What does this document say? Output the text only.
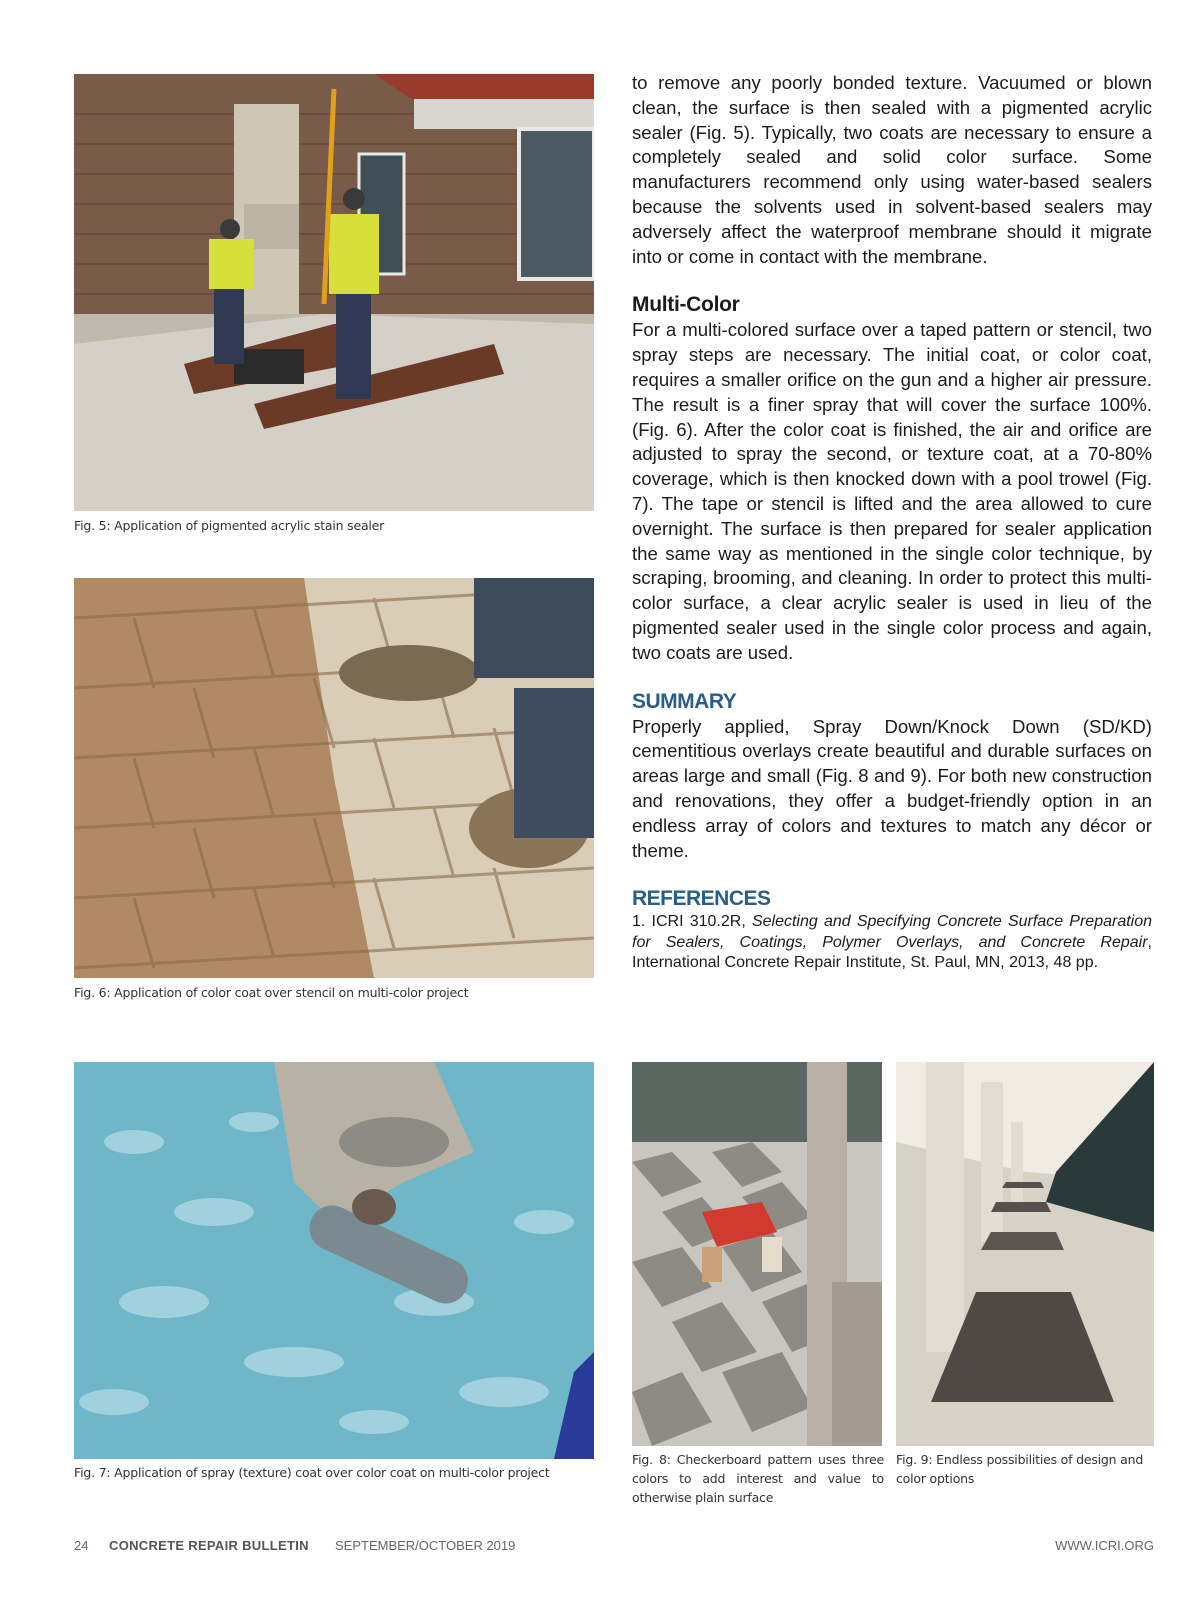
Fig. 5: Application of pigmented acrylic stain sealer

Fig. 6: Application of color coat over stencil on multi-color project

Fig. 7: Application of spray (texture) coat over color coat on multi-color project

Fig. 8: Checkerboard pattern uses three colors to add interest and value to otherwise plain surface

Fig. 9: Endless possibilities of design and color options

to remove any poorly bonded texture. Vacuumed or blown clean, the surface is then sealed with a pigmented acrylic sealer (Fig. 5). Typically, two coats are necessary to ensure a completely sealed and solid color surface. Some manufacturers recommend only using water-based sealers because the solvents used in solvent-based sealers may adversely affect the waterproof membrane should it migrate into or come in contact with the membrane.

Multi-Color

For a multi-colored surface over a taped pattern or stencil, two spray steps are necessary. The initial coat, or color coat, requires a smaller orifice on the gun and a higher air pressure. The result is a finer spray that will cover the surface 100%. (Fig. 6). After the color coat is finished, the air and orifice are adjusted to spray the second, or texture coat, at a 70-80% coverage, which is then knocked down with a pool trowel (Fig. 7). The tape or stencil is lifted and the area allowed to cure overnight. The surface is then prepared for sealer application the same way as mentioned in the single color technique, by scraping, brooming, and cleaning. In order to protect this multi-color surface, a clear acrylic sealer is used in lieu of the pigmented sealer used in the single color process and again, two coats are used.

SUMMARY

Properly applied, Spray Down/Knock Down (SD/KD) cementitious overlays create beautiful and durable surfaces on areas large and small (Fig. 8 and 9). For both new construction and renovations, they offer a budget-friendly option in an endless array of colors and textures to match any décor or theme.

REFERENCES

1. ICRI 310.2R, Selecting and Specifying Concrete Surface Preparation for Sealers, Coatings, Polymer Overlays, and Concrete Repair, International Concrete Repair Institute, St. Paul, MN, 2013, 48 pp.

24 CONCRETE REPAIR BULLETIN SEPTEMBER/OCTOBER 2019	WWW.ICRI.ORG
